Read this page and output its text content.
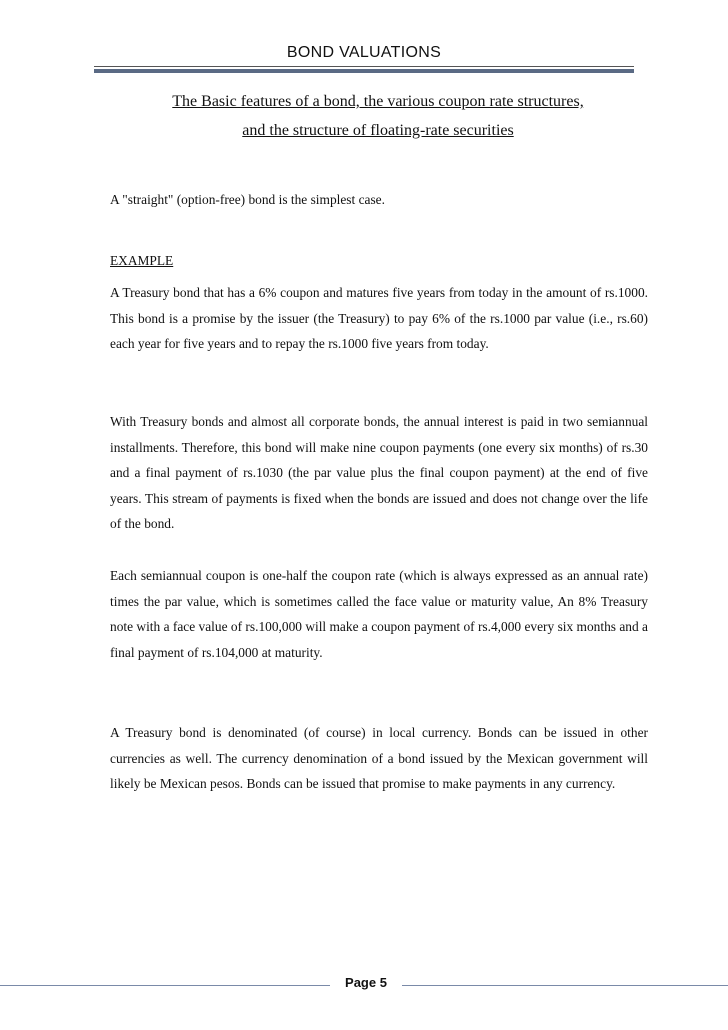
BOND VALUATIONS
The Basic features of a bond, the various coupon rate structures,
and the structure of floating-rate securities

A "straight" (option-free) bond is the simplest case.

EXAMPLE

A Treasury bond that has a 6% coupon and matures five years from today in the amount of rs.1000. This bond is a promise by the issuer (the Treasury) to pay 6% of the rs.1000 par value (i.e., rs.60) each year for five years and to repay the rs.1000 five years from today.

With Treasury bonds and almost all corporate bonds, the annual interest is paid in two semiannual installments. Therefore, this bond will make nine coupon payments (one every six months) of rs.30 and a final payment of rs.1030 (the par value plus the final coupon payment) at the end of five years. This stream of payments is fixed when the bonds are issued and does not change over the life of the bond.

Each semiannual coupon is one-half the coupon rate (which is always expressed as an annual rate) times the par value, which is sometimes called the face value or maturity value, An 8% Treasury note with a face value of rs.100,000 will make a coupon payment of rs.4,000 every six months and a final payment of rs.104,000 at maturity.

A Treasury bond is denominated (of course) in local currency. Bonds can be issued in other currencies as well. The currency denomination of a bond issued by the Mexican government will likely be Mexican pesos. Bonds can be issued that promise to make payments in any currency.

Page 5
